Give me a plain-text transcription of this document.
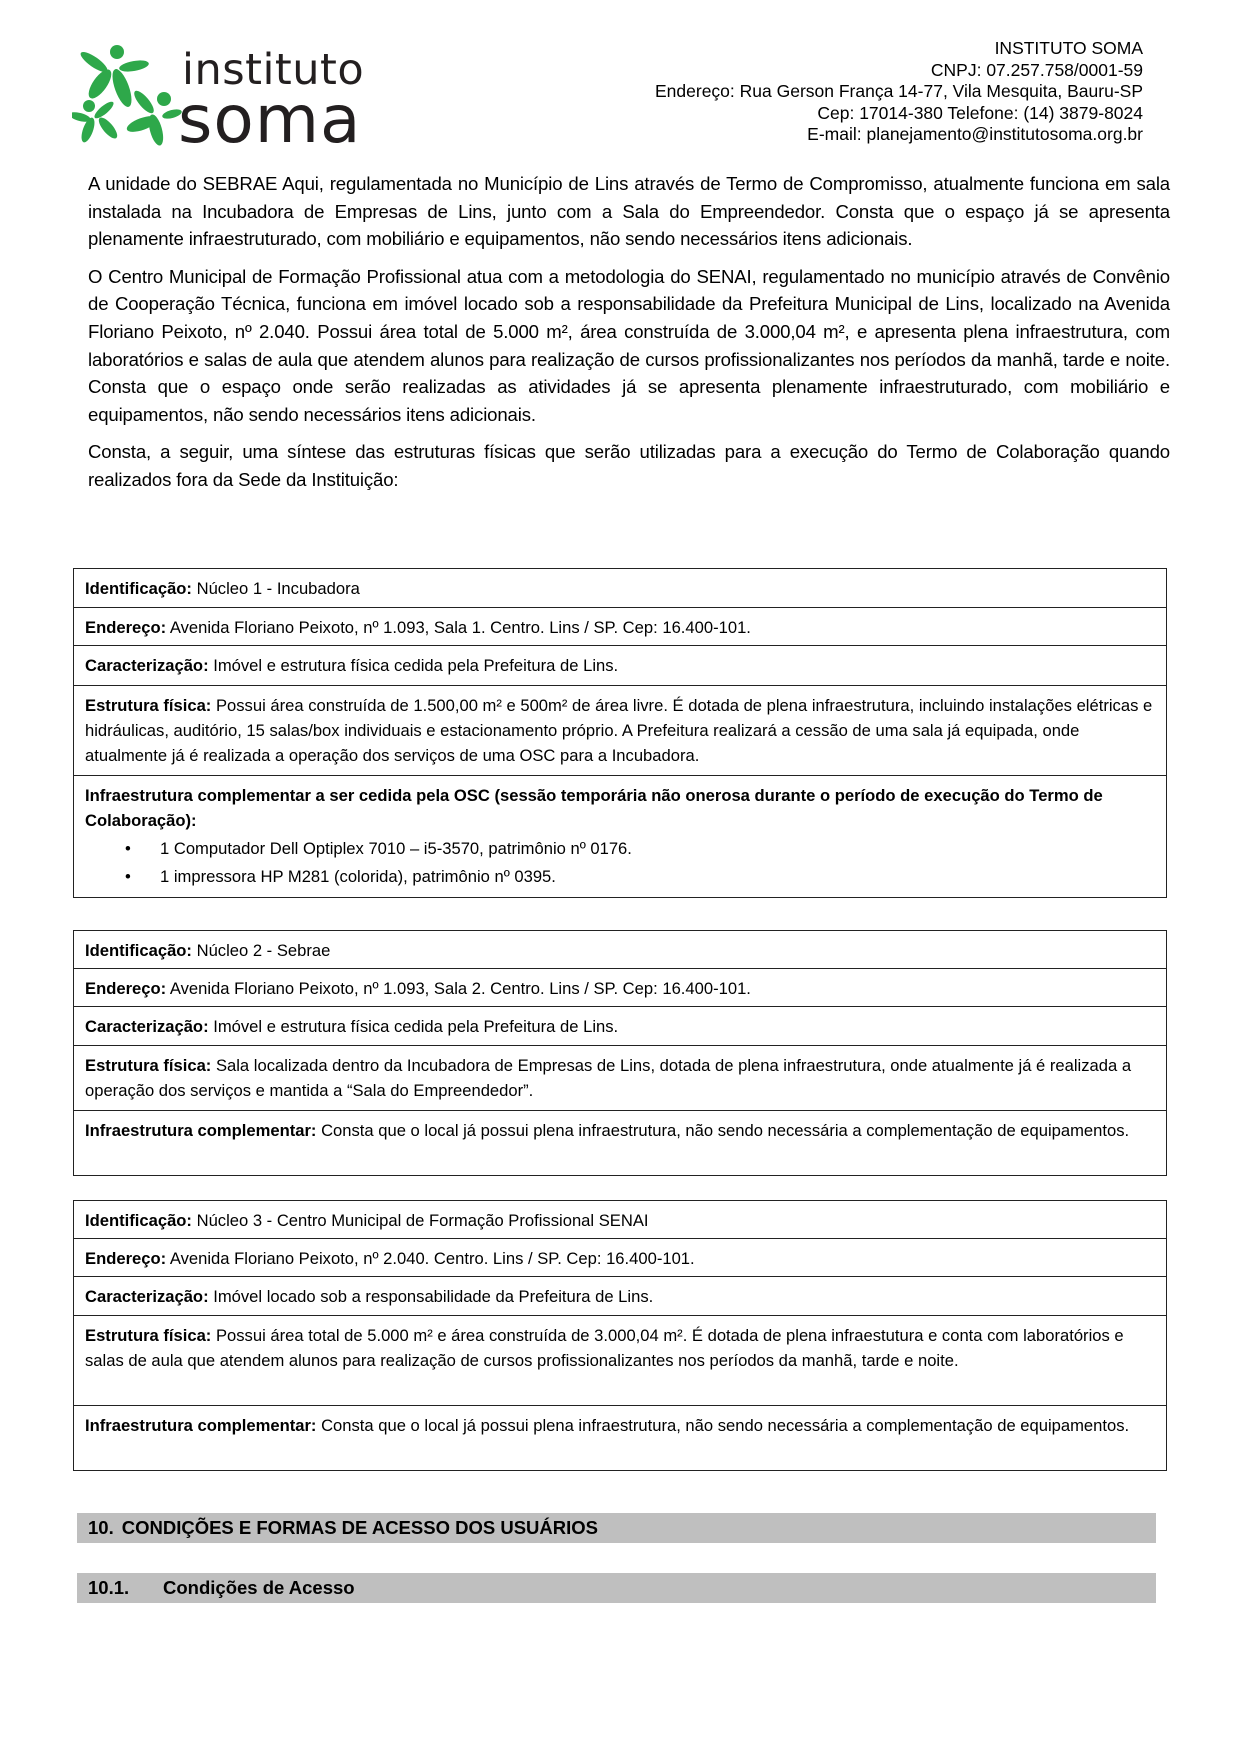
instituto
soma
INSTITUTO SOMA
CNPJ: 07.257.758/0001-59
Endereço: Rua Gerson França 14-77, Vila Mesquita, Bauru-SP
Cep: 17014-380 Telefone: (14) 3879-8024
E-mail: planejamento@institutosoma.org.br

A unidade do SEBRAE Aqui, regulamentada no Município de Lins através de Termo de Compromisso, atualmente funciona em sala instalada na Incubadora de Empresas de Lins, junto com a Sala do Empreendedor. Consta que o espaço já se apresenta plenamente infraestruturado, com mobiliário e equipamentos, não sendo necessários itens adicionais.

O Centro Municipal de Formação Profissional atua com a metodologia do SENAI, regulamentado no município através de Convênio de Cooperação Técnica, funciona em imóvel locado sob a responsabilidade da Prefeitura Municipal de Lins, localizado na Avenida Floriano Peixoto, nº 2.040. Possui área total de 5.000 m², área construída de 3.000,04 m², e apresenta plena infraestrutura, com laboratórios e salas de aula que atendem alunos para realização de cursos profissionalizantes nos períodos da manhã, tarde e noite. Consta que o espaço onde serão realizadas as atividades já se apresenta plenamente infraestruturado, com mobiliário e equipamentos, não sendo necessários itens adicionais.

Consta, a seguir, uma síntese das estruturas físicas que serão utilizadas para a execução do Termo de Colaboração quando realizados fora da Sede da Instituição:

Identificação: Núcleo 1 - Incubadora
Endereço: Avenida Floriano Peixoto, nº 1.093, Sala 1. Centro. Lins / SP. Cep: 16.400-101.
Caracterização: Imóvel e estrutura física cedida pela Prefeitura de Lins.
Estrutura física: Possui área construída de 1.500,00 m² e 500m² de área livre. É dotada de plena infraestrutura, incluindo instalações elétricas e hidráulicas, auditório, 15 salas/box individuais e estacionamento próprio. A Prefeitura realizará a cessão de uma sala já equipada, onde atualmente já é realizada a operação dos serviços de uma OSC para a Incubadora.
Infraestrutura complementar a ser cedida pela OSC (sessão temporária não onerosa durante o período de execução do Termo de Colaboração):
• 1 Computador Dell Optiplex 7010 – i5-3570, patrimônio nº 0176.
• 1 impressora HP M281 (colorida), patrimônio nº 0395.
Identificação: Núcleo 2 - Sebrae
Endereço: Avenida Floriano Peixoto, nº 1.093, Sala 2. Centro. Lins / SP. Cep: 16.400-101.
Caracterização: Imóvel e estrutura física cedida pela Prefeitura de Lins.
Estrutura física: Sala localizada dentro da Incubadora de Empresas de Lins, dotada de plena infraestrutura, onde atualmente já é realizada a operação dos serviços e mantida a “Sala do Empreendedor”.
Infraestrutura complementar: Consta que o local já possui plena infraestrutura, não sendo necessária a complementação de equipamentos.
Identificação: Núcleo 3 - Centro Municipal de Formação Profissional SENAI
Endereço: Avenida Floriano Peixoto, nº 2.040. Centro. Lins / SP. Cep: 16.400-101.
Caracterização: Imóvel locado sob a responsabilidade da Prefeitura de Lins.
Estrutura física: Possui área total de 5.000 m² e área construída de 3.000,04 m². É dotada de plena infraestutura e conta com laboratórios e salas de aula que atendem alunos para realização de cursos profissionalizantes nos períodos da manhã, tarde e noite.
Infraestrutura complementar: Consta que o local já possui plena infraestrutura, não sendo necessária a complementação de equipamentos.
10. CONDIÇÕES E FORMAS DE ACESSO DOS USUÁRIOS
10.1. Condições de Acesso
